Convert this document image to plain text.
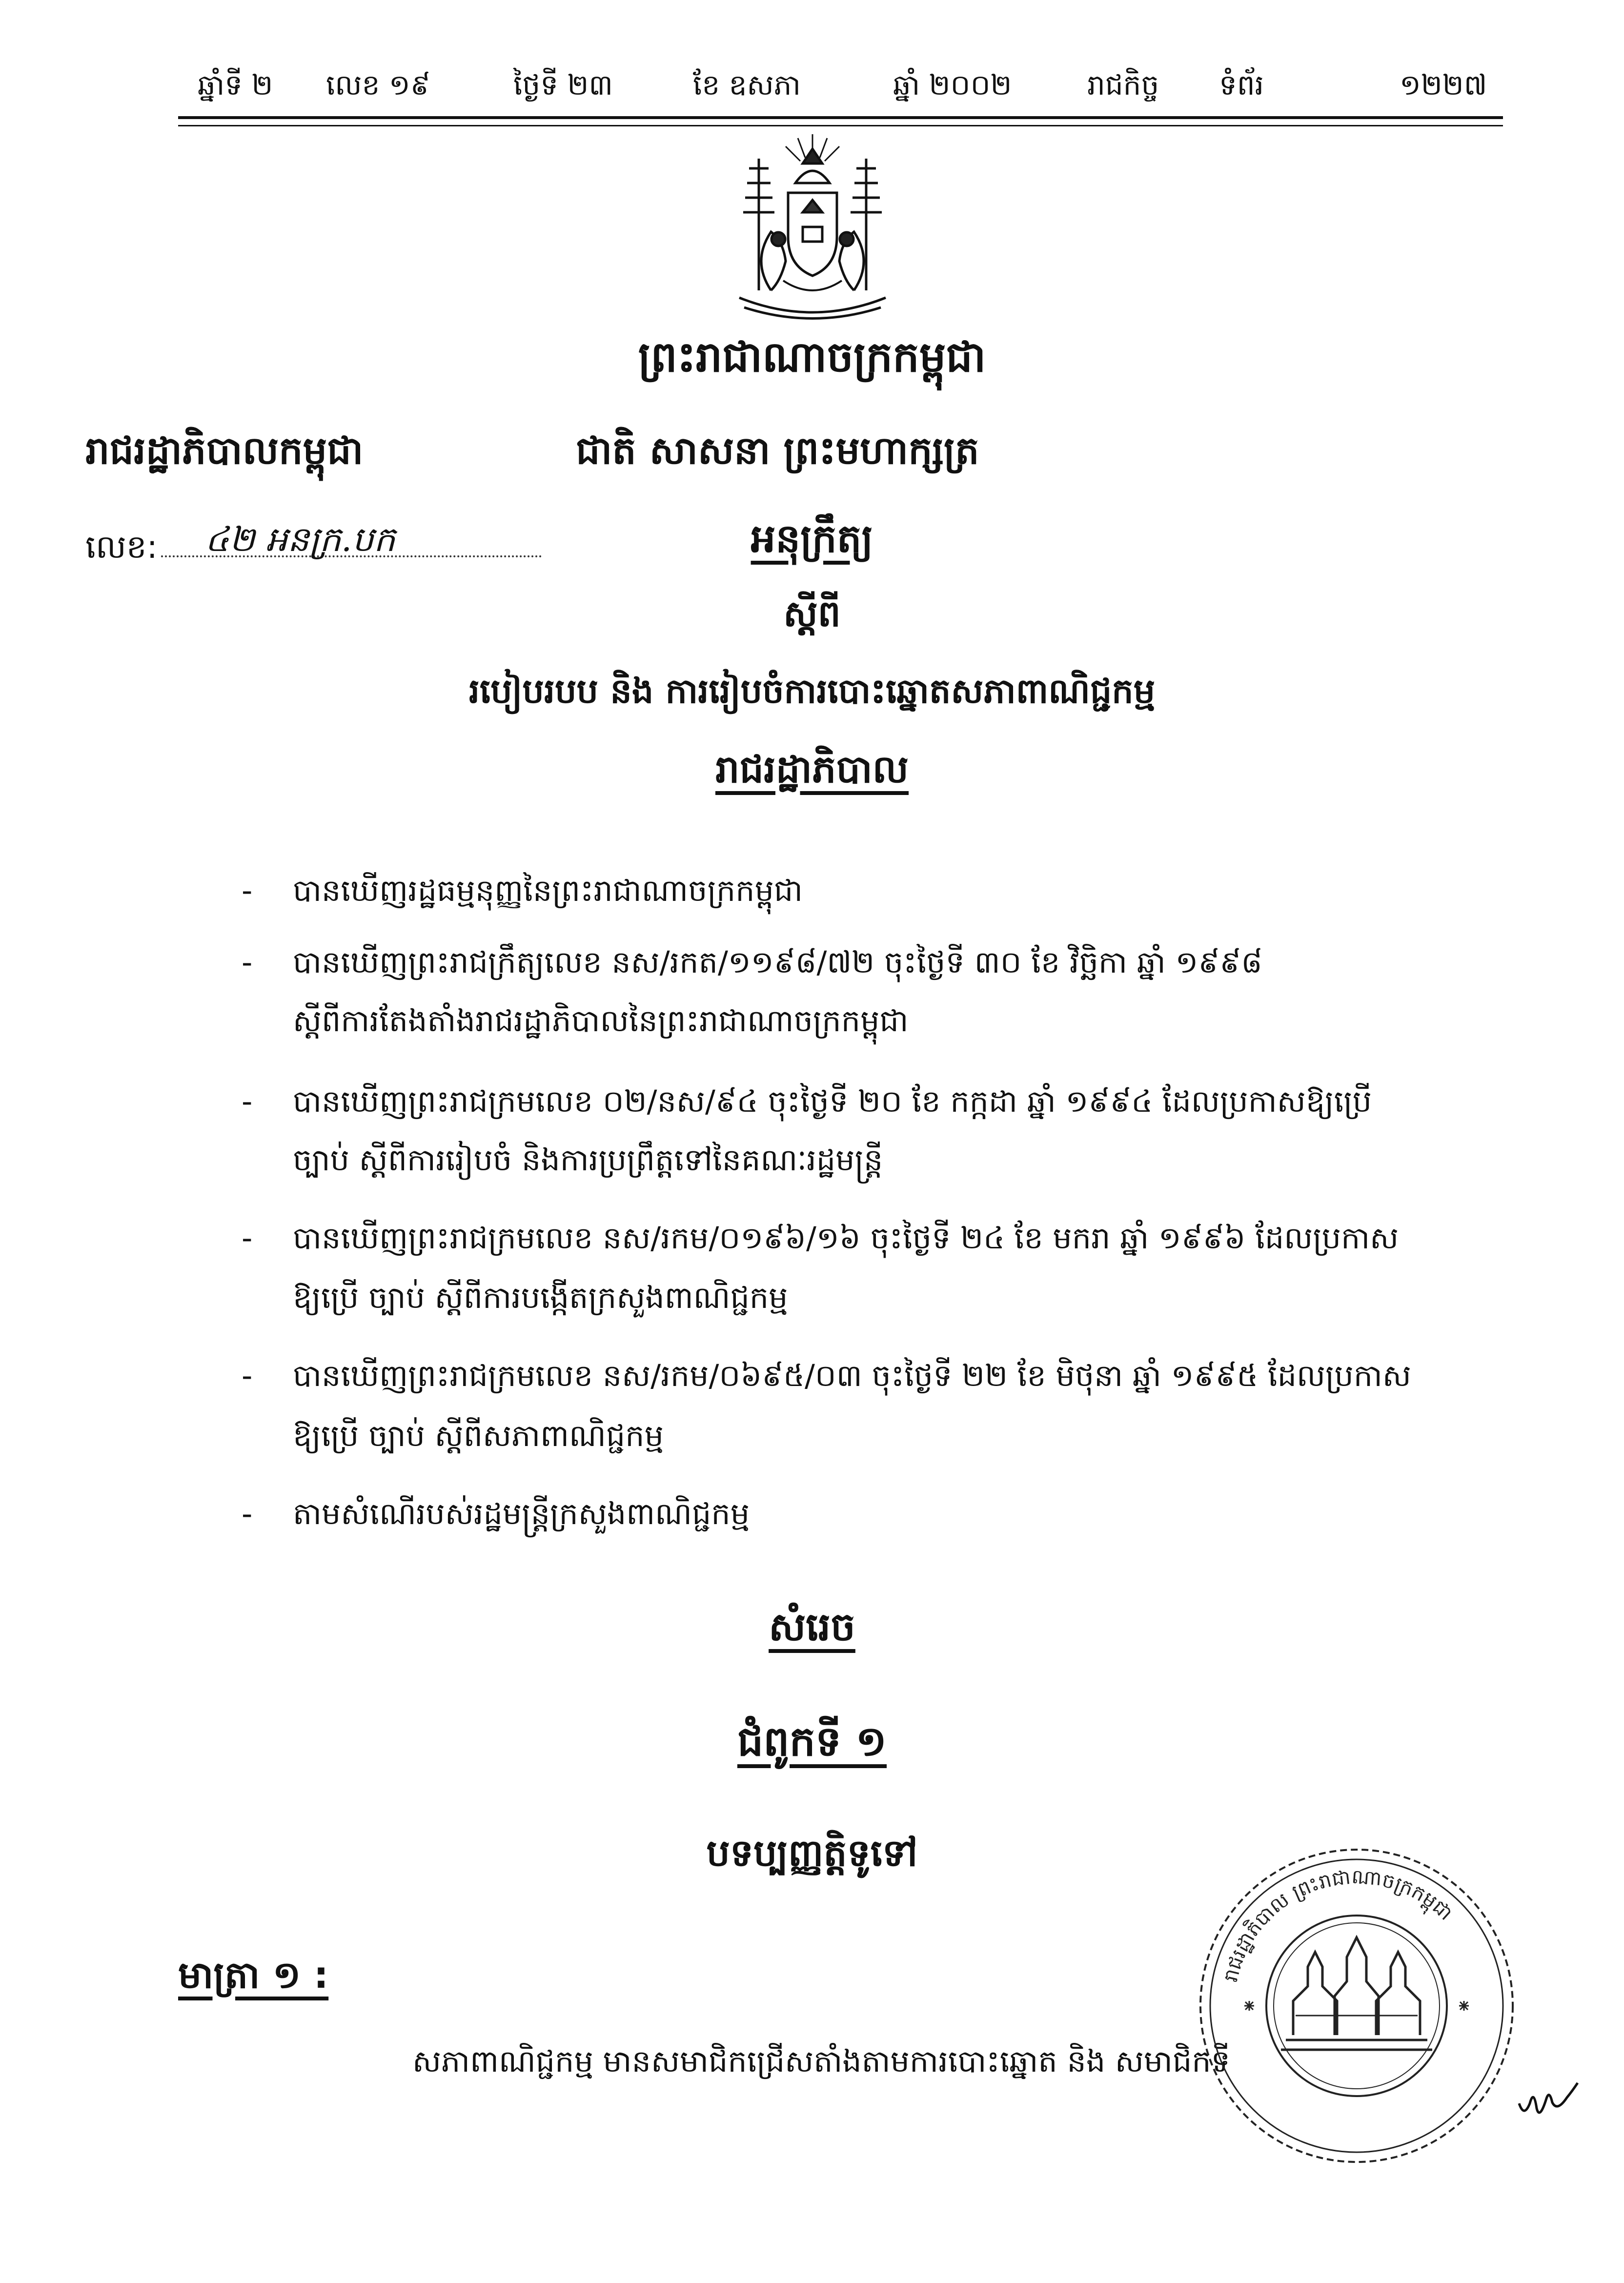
ឆ្នាំទី ២ លេខ ១៩	ថ្ងៃទី ២៣	ខែ ឧសភា	ឆ្នាំ ២០០២	រាជកិច្ច ទំព័រ	១២២៧
ព្រះរាជាណាចក្រកម្ពុជា
រាជរដ្ឋាភិបាលកម្ពុជា	ជាតិ សាសនា ព្រះមហាក្សត្រ
លេខ: ៤២ អនក្រ.បក	អនុក្រឹត្យ
ស្តីពី
របៀបរបប និង ការរៀបចំការបោះឆ្នោតសភាពាណិជ្ជកម្ម
រាជរដ្ឋាភិបាល
- បានឃើញរដ្ឋធម្មនុញ្ញនៃព្រះរាជាណាចក្រកម្ពុជា
- បានឃើញព្រះរាជក្រឹត្យលេខ នស/រកត/១១៩៨/៧២ ចុះថ្ងៃទី ៣០ ខែ វិច្ឆិកា ឆ្នាំ ១៩៩៨
ស្តីពីការតែងតាំងរាជរដ្ឋាភិបាលនៃព្រះរាជាណាចក្រកម្ពុជា
- បានឃើញព្រះរាជក្រមលេខ ០២/នស/៩៤ ចុះថ្ងៃទី ២០ ខែ កក្កដា ឆ្នាំ ១៩៩៤ ដែលប្រកាសឱ្យប្រើ
ច្បាប់ ស្តីពីការរៀបចំ និងការប្រព្រឹត្តទៅនៃគណៈរដ្ឋមន្ត្រី
- បានឃើញព្រះរាជក្រមលេខ នស/រកម/០១៩៦/១៦ ចុះថ្ងៃទី ២៤ ខែ មករា ឆ្នាំ ១៩៩៦ ដែលប្រកាស
ឱ្យប្រើ ច្បាប់ ស្តីពីការបង្កើតក្រសួងពាណិជ្ជកម្ម
- បានឃើញព្រះរាជក្រមលេខ នស/រកម/០៦៩៥/០៣ ចុះថ្ងៃទី ២២ ខែ មិថុនា ឆ្នាំ ១៩៩៥ ដែលប្រកាស
ឱ្យប្រើ ច្បាប់ ស្តីពីសភាពាណិជ្ជកម្ម
- តាមសំណើរបស់រដ្ឋមន្ត្រីក្រសួងពាណិជ្ជកម្ម
សំរេច
ជំពូកទី ១
បទប្បញ្ញត្តិទូទៅ
មាត្រា ១ :
សភាពាណិជ្ជកម្ម មានសមាជិកជ្រើសតាំងតាមការបោះឆ្នោត និង សមាជិកទី
រាជរដ្ឋាភិបាល ព្រះរាជាណាចក្រកម្ពុជា
